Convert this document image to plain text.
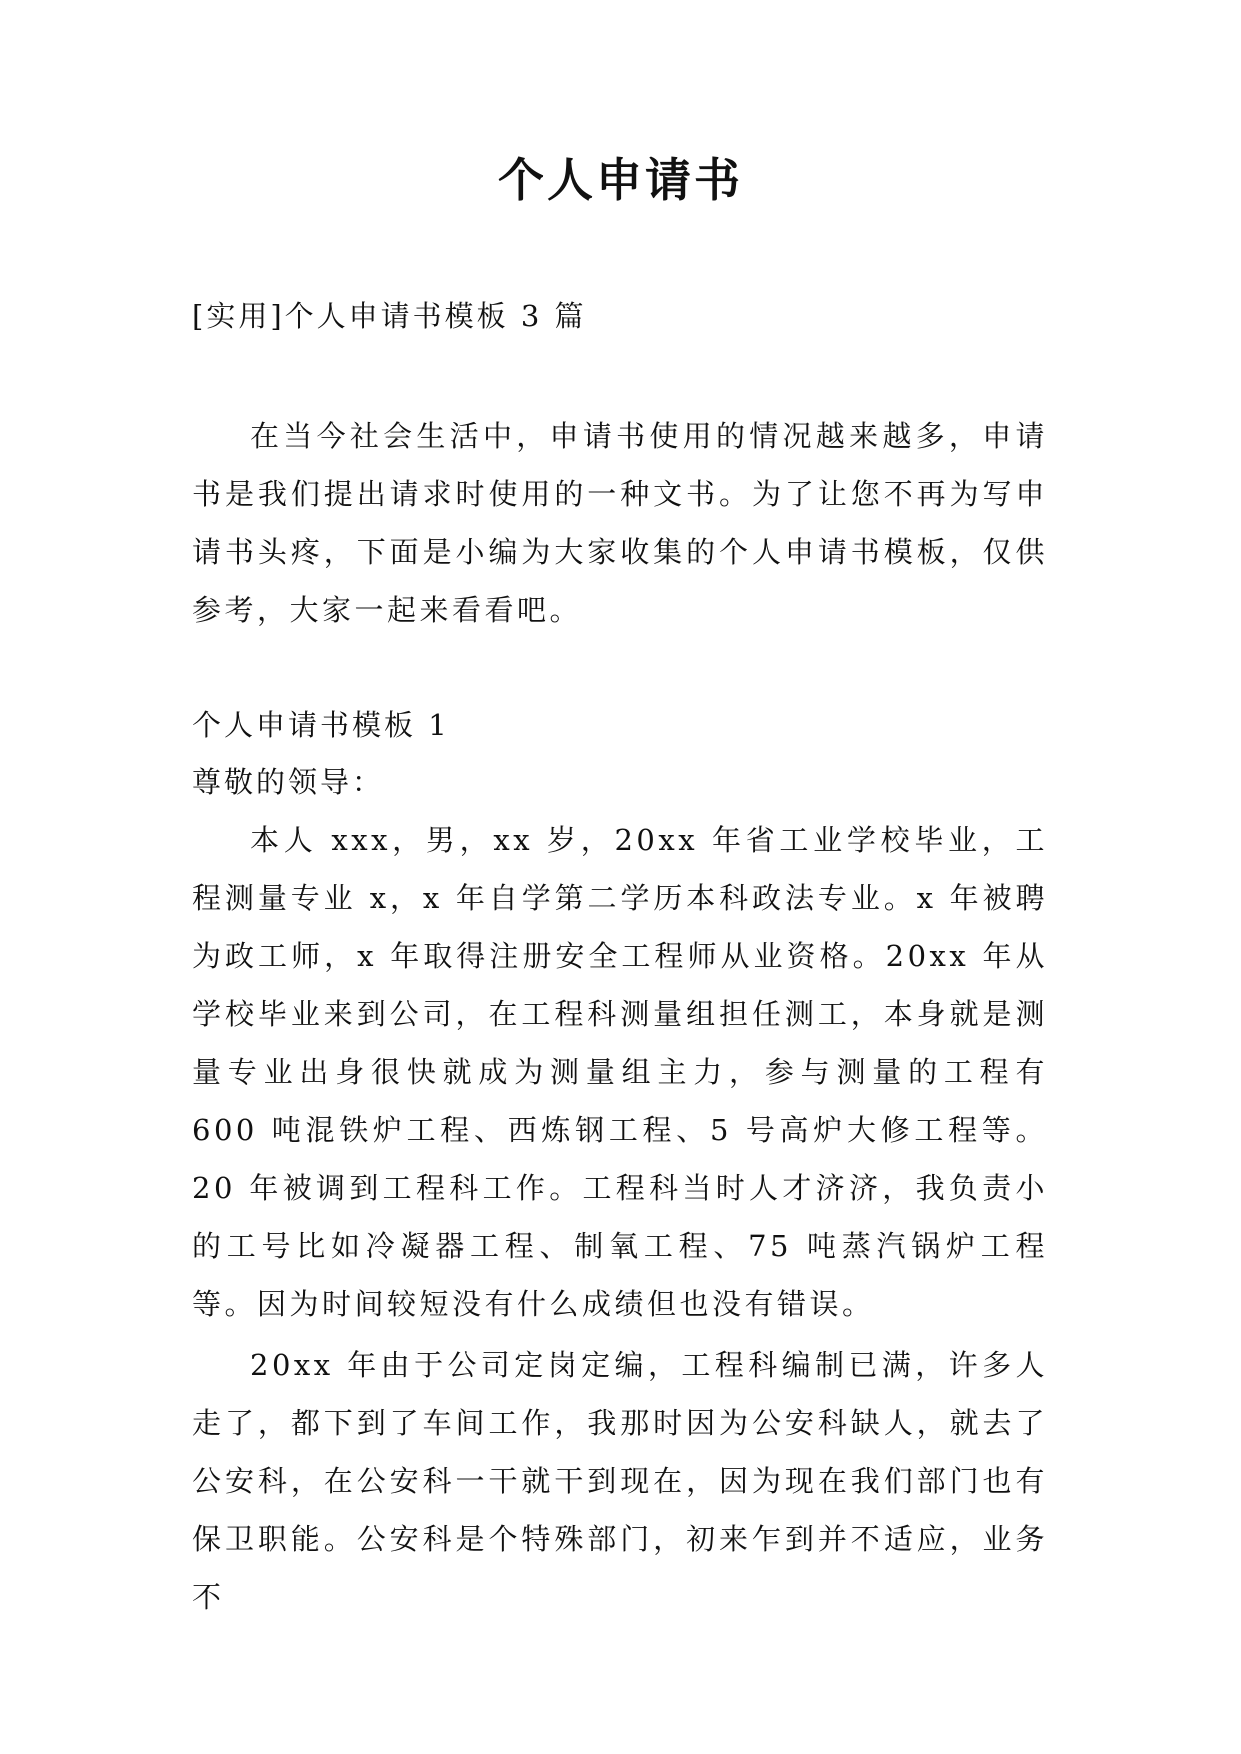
个人申请书

[实用]个人申请书模板 3 篇

在当今社会生活中，申请书使用的情况越来越多，申请书是我们提出请求时使用的一种文书。为了让您不再为写申请书头疼，下面是小编为大家收集的个人申请书模板，仅供参考，大家一起来看看吧。

个人申请书模板 1

尊敬的领导：

本人 xxx，男，xx 岁，20xx 年省工业学校毕业，工程测量专业 x，x 年自学第二学历本科政法专业。x 年被聘为政工师，x 年取得注册安全工程师从业资格。20xx 年从学校毕业来到公司，在工程科测量组担任测工，本身就是测量专业出身很快就成为测量组主力，参与测量的工程有 600 吨混铁炉工程、西炼钢工程、5 号高炉大修工程等。20 年被调到工程科工作。工程科当时人才济济，我负责小的工号比如冷凝器工程、制氧工程、75 吨蒸汽锅炉工程等。因为时间较短没有什么成绩但也没有错误。

20xx 年由于公司定岗定编，工程科编制已满，许多人走了，都下到了车间工作，我那时因为公安科缺人，就去了公安科，在公安科一干就干到现在，因为现在我们部门也有保卫职能。公安科是个特殊部门，初来乍到并不适应，业务不
